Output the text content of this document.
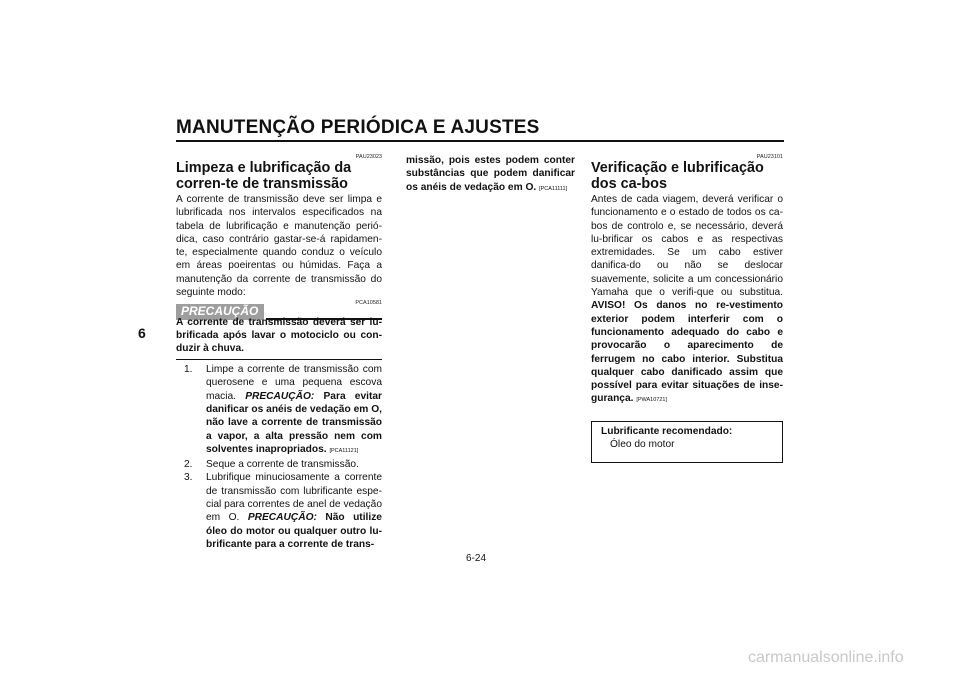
MANUTENÇÃO PERIÓDICA E AJUSTES
6
PAU23023
Limpeza e lubrificação da corren-te de transmissão

A corrente de transmissão deve ser limpa e lubrificada nos intervalos especificados na tabela de lubrificação e manutenção perió-dica, caso contrário gastar-se-á rapidamen-te, especialmente quando conduz o veículo em áreas poeirentas ou húmidas. Faça a manutenção da corrente de transmissão do seguinte modo:

PRECAUÇÃO
PCA10581

A corrente de transmissão deverá ser lu-brificada após lavar o motociclo ou con-duzir à chuva.

1.	Limpe a corrente de transmissão com querosene e uma pequena escova macia. PRECAUÇÃO: Para evitar danificar os anéis de vedação em O, não lave a corrente de transmissão a vapor, a alta pressão nem com solventes inapropriados. [PCA11121]
2.	Seque a corrente de transmissão.
3.	Lubrifique minuciosamente a corrente de transmissão com lubrificante espe-cial para correntes de anel de vedação em O. PRECAUÇÃO: Não utilize óleo do motor ou qualquer outro lu-brificante para a corrente de trans-

missão, pois estes podem conter substâncias que podem danificar os anéis de vedação em O. [PCA11111]

PAU23101
Verificação e lubrificação dos ca-bos

Antes de cada viagem, deverá verificar o funcionamento e o estado de todos os ca-bos de controlo e, se necessário, deverá lu-brificar os cabos e as respectivas extremidades. Se um cabo estiver danifica-do ou não se deslocar suavemente, solicite a um concessionário Yamaha que o verifi-que ou substitua. AVISO! Os danos no re-vestimento exterior podem interferir com o funcionamento adequado do cabo e provocarão o aparecimento de ferrugem no cabo interior. Substitua qualquer cabo danificado assim que possível para evitar situações de inse-gurança. [PWA10721]

Lubrificante recomendado:
Óleo do motor
6-24
carmanualsonline.info
